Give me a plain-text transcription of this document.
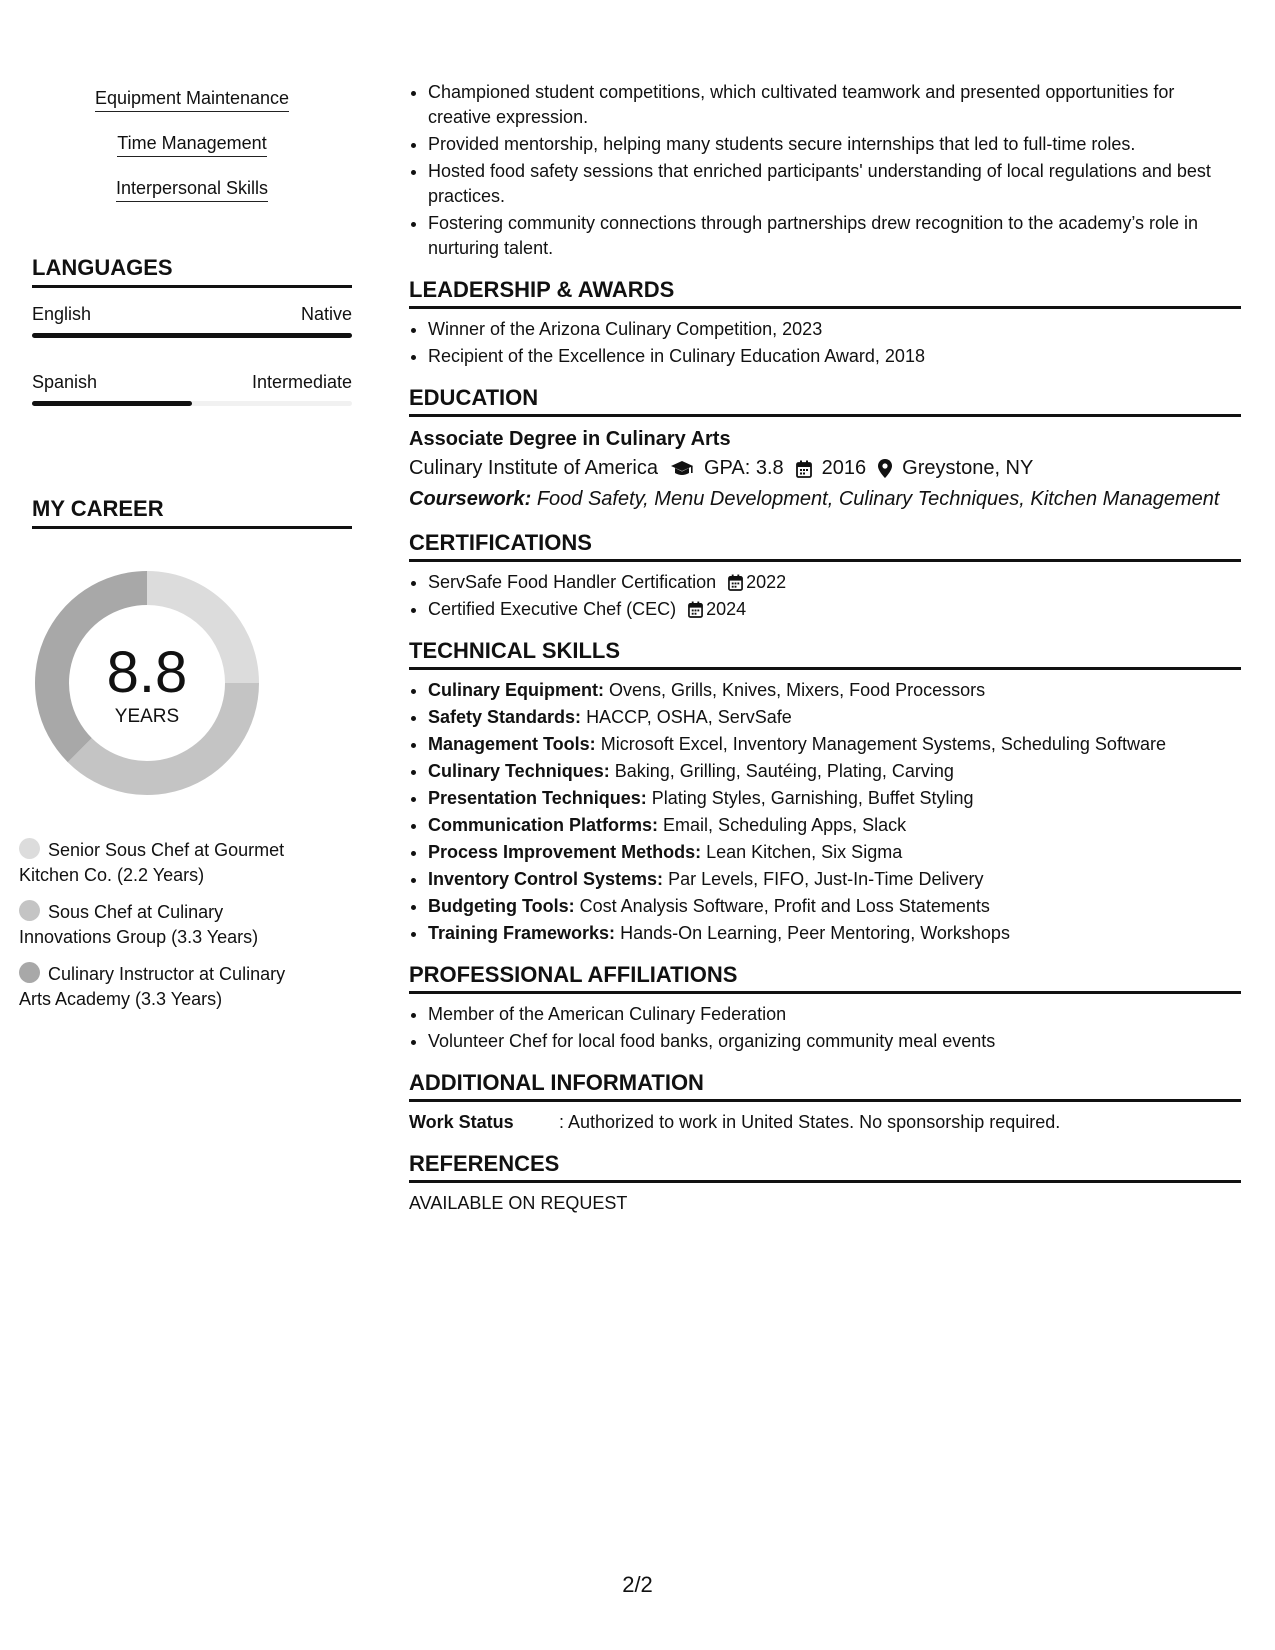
Equipment Maintenance
Time Management
Interpersonal Skills
LANGUAGES
English	Native
Spanish	Intermediate
MY CAREER
8.8
YEARS
Senior Sous Chef at Gourmet Kitchen Co. (2.2 Years)
Sous Chef at Culinary Innovations Group (3.3 Years)
Culinary Instructor at Culinary Arts Academy (3.3 Years)
• Championed student competitions, which cultivated teamwork and presented opportunities for creative expression.
• Provided mentorship, helping many students secure internships that led to full-time roles.
• Hosted food safety sessions that enriched participants' understanding of local regulations and best practices.
• Fostering community connections through partnerships drew recognition to the academy’s role in nurturing talent.
LEADERSHIP & AWARDS
• Winner of the Arizona Culinary Competition, 2023
• Recipient of the Excellence in Culinary Education Award, 2018
EDUCATION
Associate Degree in Culinary Arts
Culinary Institute of America GPA: 3.8 2016 Greystone, NY
Coursework: Food Safety, Menu Development, Culinary Techniques, Kitchen Management
CERTIFICATIONS
• ServSafe Food Handler Certification 2022
• Certified Executive Chef (CEC) 2024
TECHNICAL SKILLS
• Culinary Equipment: Ovens, Grills, Knives, Mixers, Food Processors
• Safety Standards: HACCP, OSHA, ServSafe
• Management Tools: Microsoft Excel, Inventory Management Systems, Scheduling Software
• Culinary Techniques: Baking, Grilling, Sautéing, Plating, Carving
• Presentation Techniques: Plating Styles, Garnishing, Buffet Styling
• Communication Platforms: Email, Scheduling Apps, Slack
• Process Improvement Methods: Lean Kitchen, Six Sigma
• Inventory Control Systems: Par Levels, FIFO, Just-In-Time Delivery
• Budgeting Tools: Cost Analysis Software, Profit and Loss Statements
• Training Frameworks: Hands-On Learning, Peer Mentoring, Workshops
PROFESSIONAL AFFILIATIONS
• Member of the American Culinary Federation
• Volunteer Chef for local food banks, organizing community meal events
ADDITIONAL INFORMATION
Work Status	: Authorized to work in United States. No sponsorship required.
REFERENCES
AVAILABLE ON REQUEST
2/2
